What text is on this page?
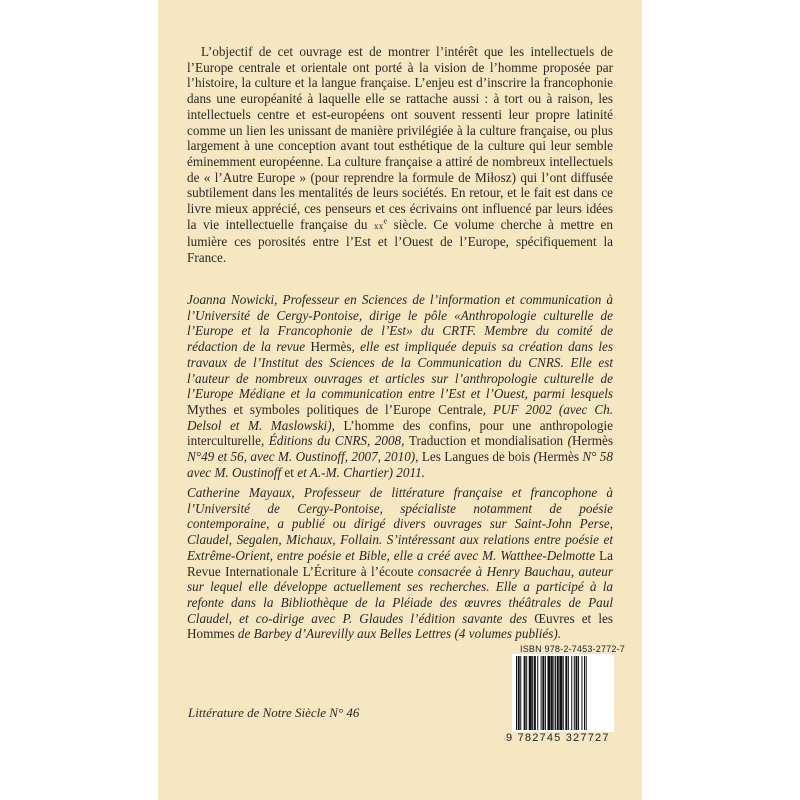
L’objectif de cet ouvrage est de montrer l’intérêt que les intellectuels de l’Europe centrale et orientale ont porté à la vision de l’homme proposée par l’histoire, la culture et la langue française. L’enjeu est d’inscrire la francophonie dans une européanité à laquelle elle se rattache aussi : à tort ou à raison, les intellectuels centre et est-européens ont souvent ressenti leur propre latinité comme un lien les unissant de manière privilégiée à la culture française, ou plus largement à une conception avant tout esthétique de la culture qui leur semble éminemment européenne. La culture française a attiré de nombreux intellectuels de « l’Autre Europe » (pour reprendre la formule de Miłosz) qui l’ont diffusée subtilement dans les mentalités de leurs sociétés. En retour, et le fait est dans ce livre mieux apprécié, ces penseurs et ces écrivains ont influencé par leurs idées la vie intellectuelle française du $xx^e$ siècle. Ce volume cherche à mettre en lumière ces porosités entre l’Est et l’Ouest de l’Europe, spécifiquement la France.

Joanna Nowicki, Professeur en Sciences de l’information et communication à l’Université de Cergy-Pontoise, dirige le pôle «Anthropologie culturelle de l’Europe et la Francophonie de l’Est» du CRTF. Membre du comité de rédaction de la revue Hermès, elle est impliquée depuis sa création dans les travaux de l’Institut des Sciences de la Communication du CNRS. Elle est l’auteur de nombreux ouvrages et articles sur l’anthropologie culturelle de l’Europe Médiane et la communication entre l’Est et l’Ouest, parmi lesquels Mythes et symboles politiques de l’Europe Centrale, PUF 2002 (avec Ch. Delsol et M. Maslowski), L’homme des confins, pour une anthropologie interculturelle, Éditions du CNRS, 2008, Traduction et mondialisation (Hermès N°49 et 56, avec M. Oustinoff, 2007, 2010), Les Langues de bois (Hermès N° 58 avec M. Oustinoff et et A.-M. Chartier) 2011.

Catherine Mayaux, Professeur de littérature française et francophone à l’Université de Cergy-Pontoise, spécialiste notamment de poésie contemporaine, a publié ou dirigé divers ouvrages sur Saint-John Perse, Claudel, Segalen, Michaux, Follain. S’intéressant aux relations entre poésie et Extrême-Orient, entre poésie et Bible, elle a créé avec M. Watthee-Delmotte La Revue Internationale L’Écriture à l’écoute consacrée à Henry Bauchau, auteur sur lequel elle développe actuellement ses recherches. Elle a participé à la refonte dans la Bibliothèque de la Pléiade des œuvres théâtrales de Paul Claudel, et co-dirige avec P. Glaudes l’édition savante des Œuvres et les Hommes de Barbey d’Aurevilly aux Belles Lettres (4 volumes publiés).

Littérature de Notre Siècle N° 46
ISBN 978-2-7453-2772-7
9 782745 327727
